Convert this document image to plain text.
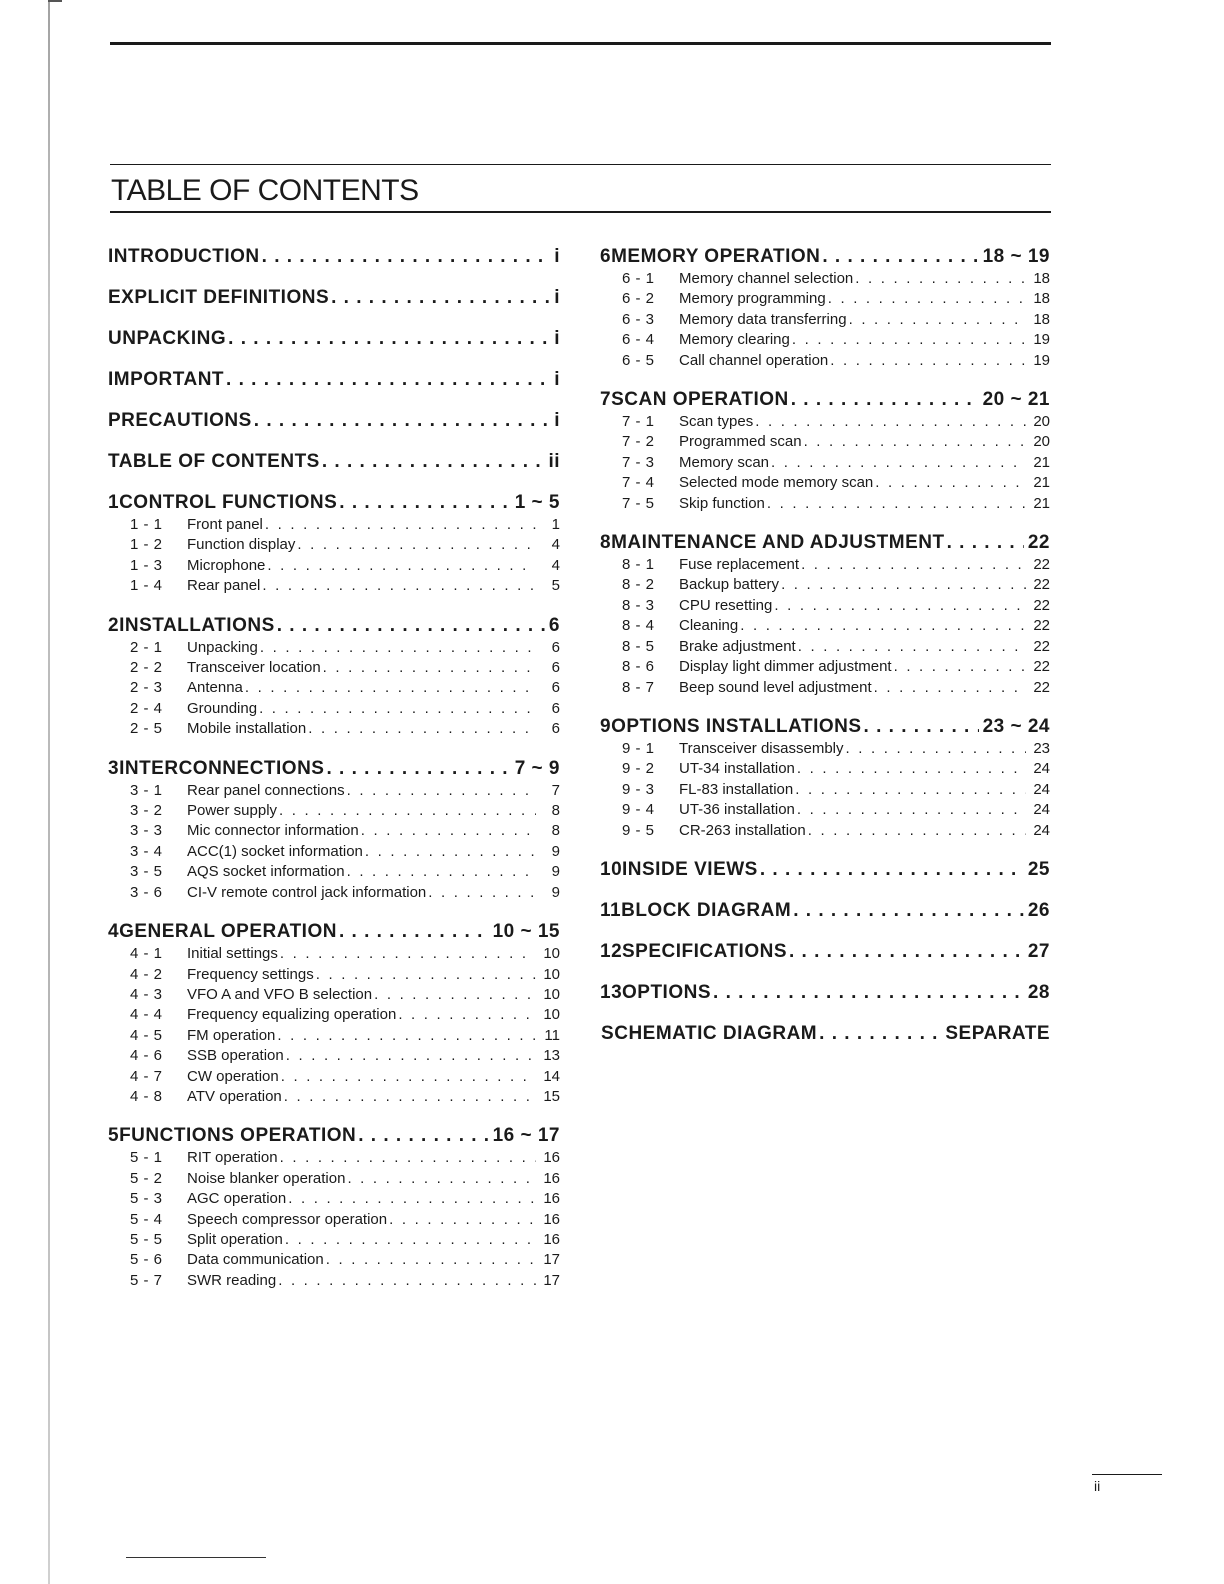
TABLE OF CONTENTS
INTRODUCTION . . .	i
EXPLICIT DEFINITIONS . . .	i
UNPACKING . . .	i
IMPORTANT . . .	i
PRECAUTIONS . . .	i
TABLE OF CONTENTS . . .	ii
1 CONTROL FUNCTIONS . . .	1 ~ 5
1 - 1	Front panel . . .	1
1 - 2	Function display . . .	4
1 - 3	Microphone . . .	4
1 - 4	Rear panel . . .	5
2 INSTALLATIONS . . .	6
2 - 1	Unpacking . . .	6
2 - 2	Transceiver location . . .	6
2 - 3	Antenna . . .	6
2 - 4	Grounding . . .	6
2 - 5	Mobile installation . . .	6
3 INTERCONNECTIONS . . .	7 ~ 9
3 - 1	Rear panel connections . . .	7
3 - 2	Power supply . . .	8
3 - 3	Mic connector information . . .	8
3 - 4	ACC(1) socket information . . .	9
3 - 5	AQS socket information . . .	9
3 - 6	CI-V remote control jack information . . .	9
4 GENERAL OPERATION . . .	10 ~ 15
4 - 1	Initial settings . . .	10
4 - 2	Frequency settings . . .	10
4 - 3	VFO A and VFO B selection . . .	10
4 - 4	Frequency equalizing operation . . .	10
4 - 5	FM operation . . .	11
4 - 6	SSB operation . . .	13
4 - 7	CW operation . . .	14
4 - 8	ATV operation . . .	15
5 FUNCTIONS OPERATION . . .	16 ~ 17
5 - 1	RIT operation . . .	16
5 - 2	Noise blanker operation . . .	16
5 - 3	AGC operation . . .	16
5 - 4	Speech compressor operation . . .	16
5 - 5	Split operation . . .	16
5 - 6	Data communication . . .	17
5 - 7	SWR reading . . .	17
6 MEMORY OPERATION . . .	18 ~ 19
6 - 1	Memory channel selection . . .	18
6 - 2	Memory programming . . .	18
6 - 3	Memory data transferring . . .	18
6 - 4	Memory clearing . . .	19
6 - 5	Call channel operation . . .	19
7 SCAN OPERATION . . .	20 ~ 21
7 - 1	Scan types . . .	20
7 - 2	Programmed scan . . .	20
7 - 3	Memory scan . . .	21
7 - 4	Selected mode memory scan . . .	21
7 - 5	Skip function . . .	21
8 MAINTENANCE AND ADJUSTMENT . . .	22
8 - 1	Fuse replacement . . .	22
8 - 2	Backup battery . . .	22
8 - 3	CPU resetting . . .	22
8 - 4	Cleaning . . .	22
8 - 5	Brake adjustment . . .	22
8 - 6	Display light dimmer adjustment . . .	22
8 - 7	Beep sound level adjustment . . .	22
9 OPTIONS INSTALLATIONS . . .	23 ~ 24
9 - 1	Transceiver disassembly . . .	23
9 - 2	UT-34 installation . . .	24
9 - 3	FL-83 installation . . .	24
9 - 4	UT-36 installation . . .	24
9 - 5	CR-263 installation . . .	24
10 INSIDE VIEWS . . .	25
11 BLOCK DIAGRAM . . .	26
12 SPECIFICATIONS . . .	27
13 OPTIONS . . .	28
SCHEMATIC DIAGRAM . . .	SEPARATE
ii
